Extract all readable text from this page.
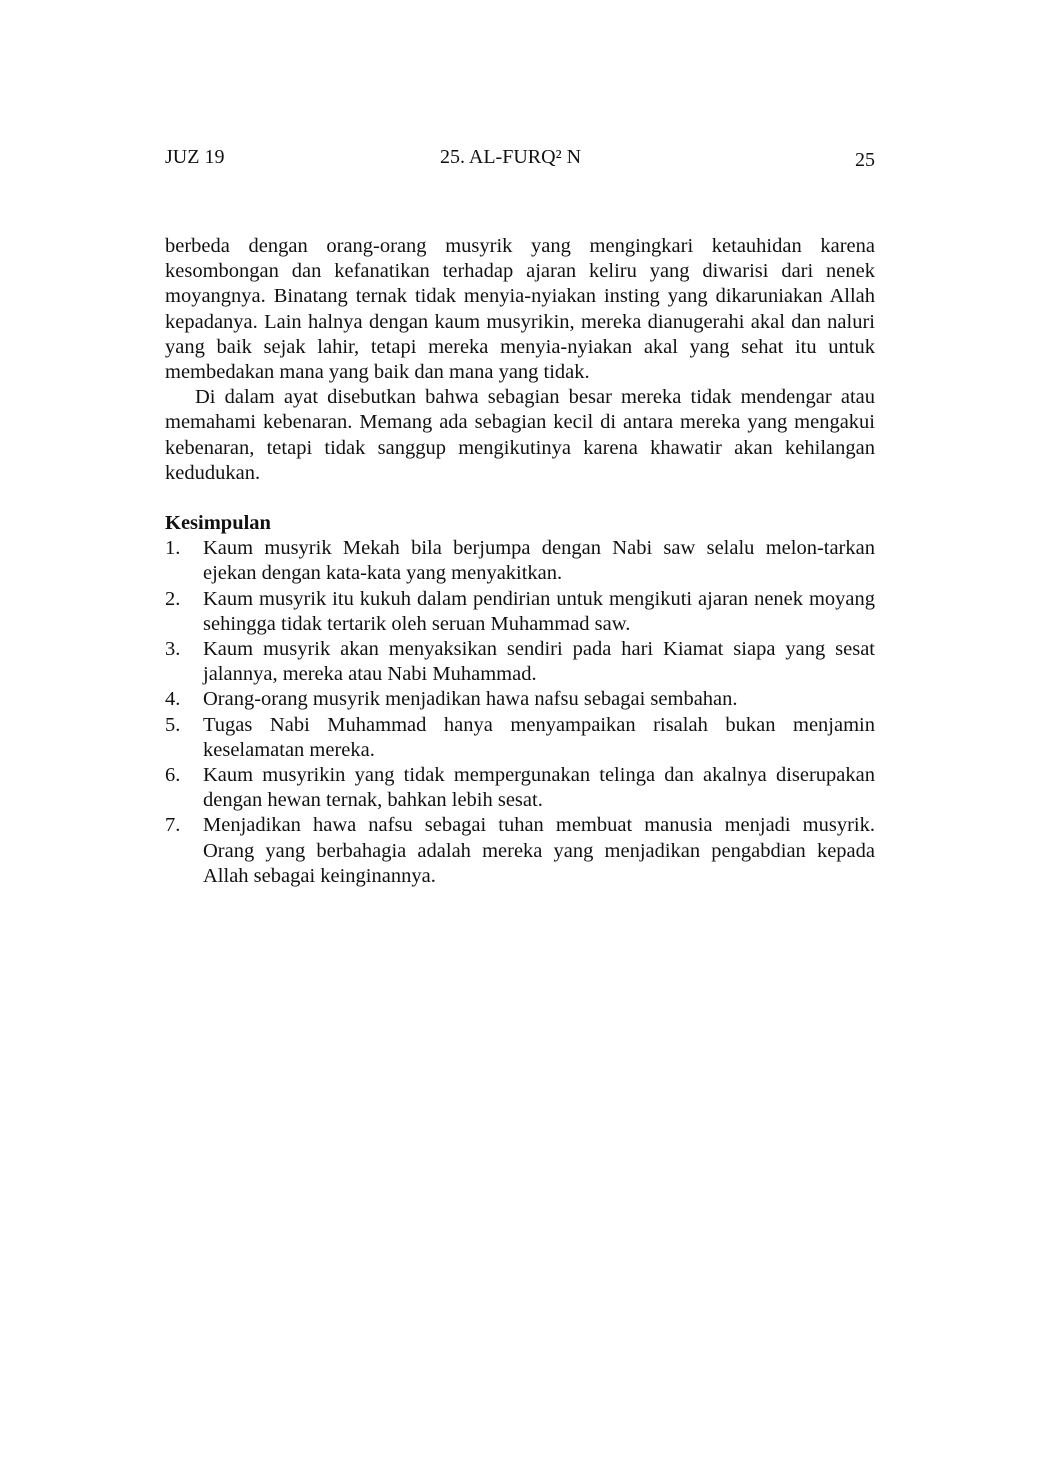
JUZ 19	25. AL-FURQ² N	25

berbeda dengan orang-orang musyrik yang mengingkari ketauhidan karena kesombongan dan kefanatikan terhadap ajaran keliru yang diwarisi dari nenek moyangnya. Binatang ternak tidak menyia-nyiakan insting yang dikaruniakan Allah kepadanya. Lain halnya dengan kaum musyrikin, mereka dianugerahi akal dan naluri yang baik sejak lahir, tetapi mereka menyia-nyiakan akal yang sehat itu untuk membedakan mana yang baik dan mana yang tidak.

Di dalam ayat disebutkan bahwa sebagian besar mereka tidak mendengar atau memahami kebenaran. Memang ada sebagian kecil di antara mereka yang mengakui kebenaran, tetapi tidak sanggup mengikutinya karena khawatir akan kehilangan kedudukan.

Kesimpulan

1. Kaum musyrik Mekah bila berjumpa dengan Nabi saw selalu melon-tarkan ejekan dengan kata-kata yang menyakitkan.
2. Kaum musyrik itu kukuh dalam pendirian untuk mengikuti ajaran nenek moyang sehingga tidak tertarik oleh seruan Muhammad saw.
3. Kaum musyrik akan menyaksikan sendiri pada hari Kiamat siapa yang sesat jalannya, mereka atau Nabi Muhammad.
4. Orang-orang musyrik menjadikan hawa nafsu sebagai sembahan.
5. Tugas Nabi Muhammad hanya menyampaikan risalah bukan menjamin keselamatan mereka.
6. Kaum musyrikin yang tidak mempergunakan telinga dan akalnya diserupakan dengan hewan ternak, bahkan lebih sesat.
7. Menjadikan hawa nafsu sebagai tuhan membuat manusia menjadi musyrik. Orang yang berbahagia adalah mereka yang menjadikan pengabdian kepada Allah sebagai keinginannya.
